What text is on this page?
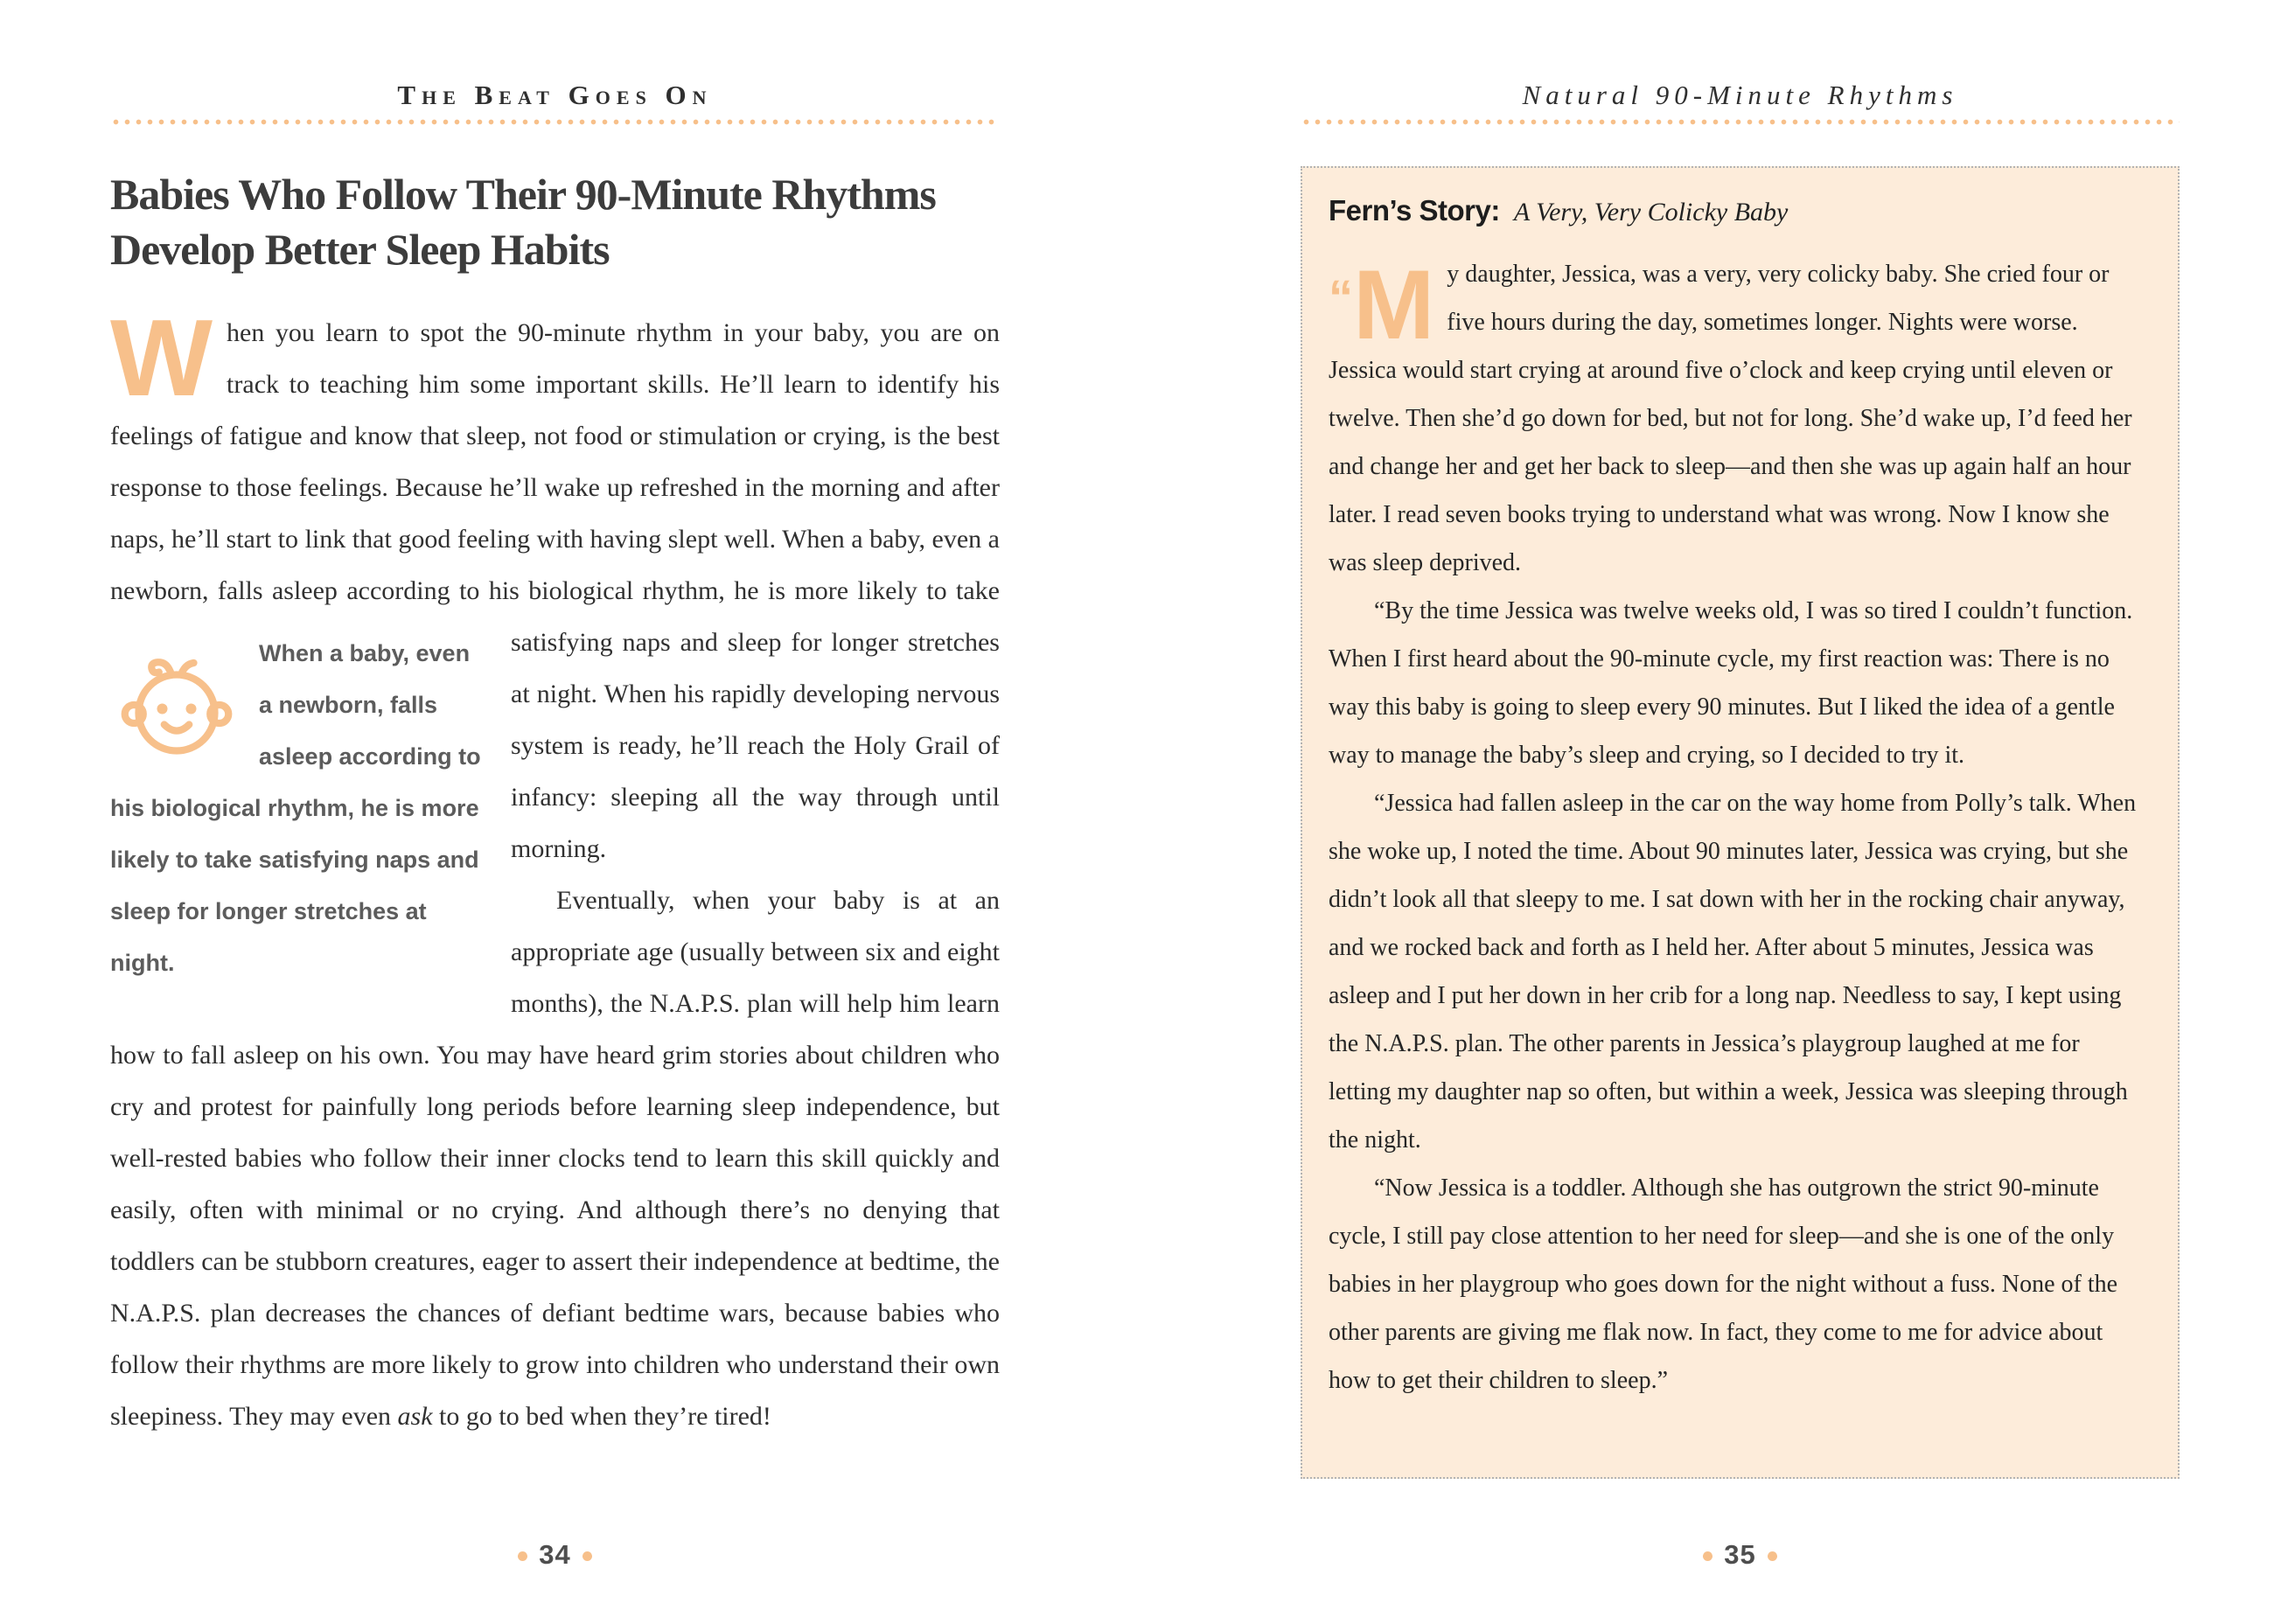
The Beat Goes On
Babies Who Follow Their 90-Minute Rhythms
Develop Better Sleep Habits

When you learn to spot the 90-minute rhythm in your baby, you are on track to teaching him some important skills. He’ll learn to identify his feelings of fatigue and know that sleep, not food or stimulation or crying, is the best response to those feelings. Because he’ll wake up refreshed in the morning and after naps, he’ll start to link that good feeling with having slept well. When a baby, even a newborn, falls asleep according to his biological rhythm, he is more likely to take satisfying naps and sleep for
When a baby, even a newborn, falls asleep according to his biological rhythm, he is more likely to take satisfying naps and sleep for longer stretches at night.
longer stretches at night. When his rapidly developing nervous system is ready, he’ll reach the Holy Grail of infancy: sleeping all the way through until morning.

Eventually, when your baby is at an appropriate age (usually between six and eight months), the N.A.P.S. plan will help him learn how to fall asleep on his own. You may have heard grim stories about children who cry and protest for painfully long periods before learning sleep independence, but well-rested babies who follow their inner clocks tend to learn this skill quickly and easily, often with minimal or no crying. And although there’s no denying that toddlers can be stubborn creatures, eager to assert their independence at bedtime, the N.A.P.S. plan decreases the chances of defiant bedtime wars, because babies who follow their rhythms are more likely to grow into children who understand their own sleepiness. They may even ask to go to bed when they’re tired!

34
Natural 90-Minute Rhythms
Fern’s Story: A Very, Very Colicky Baby

“M y daughter, Jessica, was a very, very colicky baby. She cried four or five hours during the day, sometimes longer. Nights were worse. Jessica would start crying at around five o’clock and keep crying until eleven or twelve. Then she’d go down for bed, but not for long. She’d wake up, I’d feed her and change her and get her back to sleep—and then she was up again half an hour later. I read seven books trying to understand what was wrong. Now I know she was sleep deprived.

“By the time Jessica was twelve weeks old, I was so tired I couldn’t function. When I first heard about the 90-minute cycle, my first reaction was: There is no way this baby is going to sleep every 90 minutes. But I liked the idea of a gentle way to manage the baby’s sleep and crying, so I decided to try it.

“Jessica had fallen asleep in the car on the way home from Polly’s talk. When she woke up, I noted the time. About 90 minutes later, Jessica was crying, but she didn’t look all that sleepy to me. I sat down with her in the rocking chair anyway, and we rocked back and forth as I held her. After about 5 minutes, Jessica was asleep and I put her down in her crib for a long nap. Needless to say, I kept using the N.A.P.S. plan. The other parents in Jessica’s playgroup laughed at me for letting my daughter nap so often, but within a week, Jessica was sleeping through the night.

“Now Jessica is a toddler. Although she has outgrown the strict 90-minute cycle, I still pay close attention to her need for sleep—and she is one of the only babies in her playgroup who goes down for the night without a fuss. None of the other parents are giving me flak now. In fact, they come to me for advice about how to get their children to sleep.”

35
